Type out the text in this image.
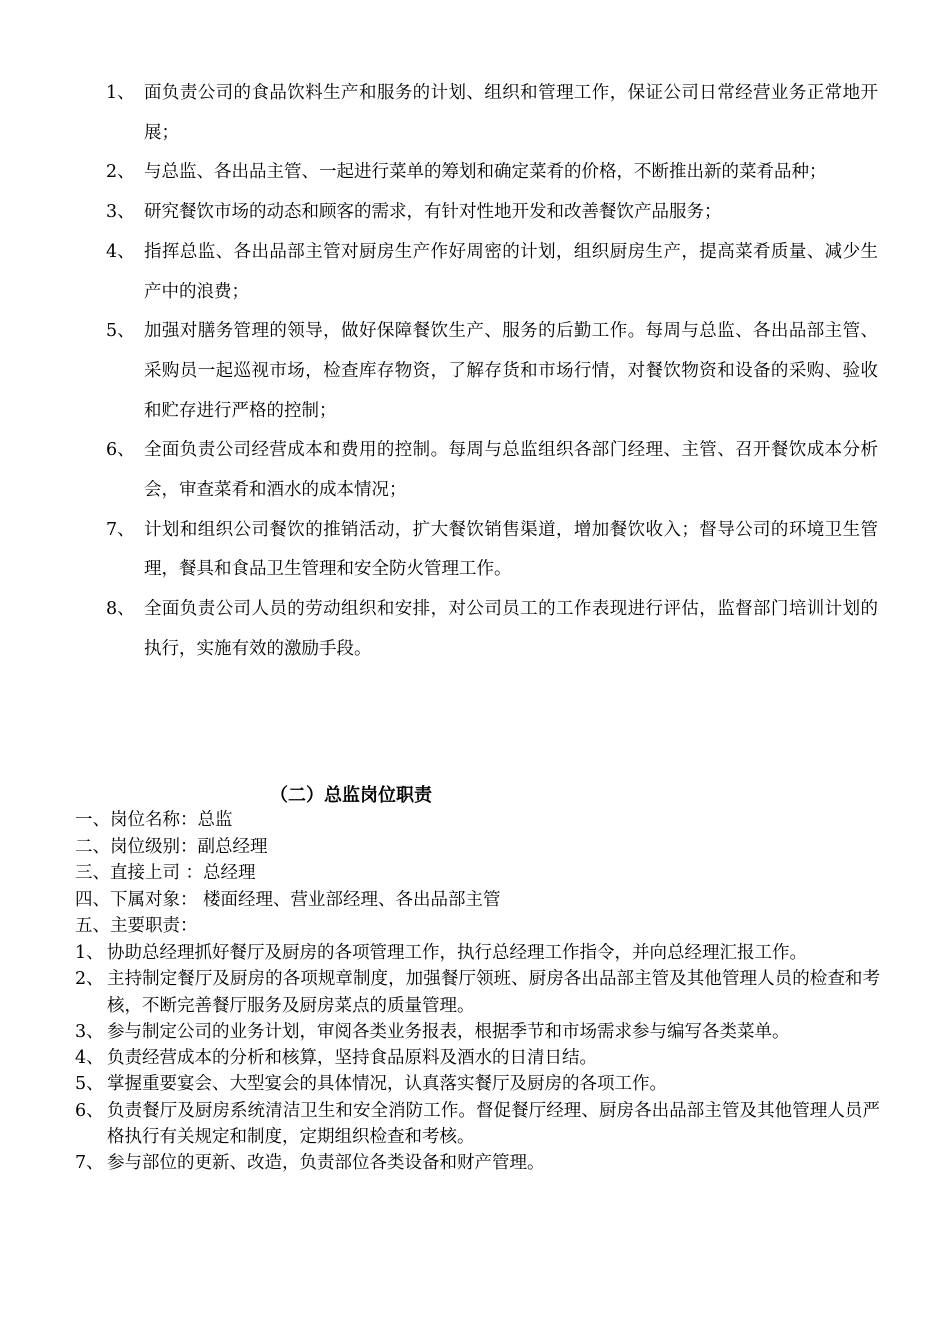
1、 面负责公司的食品饮料生产和服务的计划、组织和管理工作，保证公司日常经营业务正常地开展；
2、 与总监、各出品主管、一起进行菜单的筹划和确定菜肴的价格，不断推出新的菜肴品种；
3、 研究餐饮市场的动态和顾客的需求，有针对性地开发和改善餐饮产品服务；
4、 指挥总监、各出品部主管对厨房生产作好周密的计划，组织厨房生产，提高菜肴质量、减少生产中的浪费；
5、 加强对膳务管理的领导，做好保障餐饮生产、服务的后勤工作。每周与总监、各出品部主管、采购员一起巡视市场，检查库存物资，了解存货和市场行情，对餐饮物资和设备的采购、验收和贮存进行严格的控制；
6、 全面负责公司经营成本和费用的控制。每周与总监组织各部门经理、主管、召开餐饮成本分析会，审查菜肴和酒水的成本情况；
7、 计划和组织公司餐饮的推销活动，扩大餐饮销售渠道，增加餐饮收入；督导公司的环境卫生管理，餐具和食品卫生管理和安全防火管理工作。
8、 全面负责公司人员的劳动组织和安排，对公司员工的工作表现进行评估，监督部门培训计划的执行，实施有效的激励手段。
（二）总监岗位职责
一、岗位名称：总监
二、岗位级别：副总经理
三、直接上司 ：总经理
四、下属对象： 楼面经理、营业部经理、各出品部主管
五、主要职责：
1、 协助总经理抓好餐厅及厨房的各项管理工作，执行总经理工作指令，并向总经理汇报工作。
2、 主持制定餐厅及厨房的各项规章制度，加强餐厅领班、厨房各出品部主管及其他管理人员的检查和考核，不断完善餐厅服务及厨房菜点的质量管理。
3、 参与制定公司的业务计划，审阅各类业务报表，根据季节和市场需求参与编写各类菜单。
4、 负责经营成本的分析和核算，坚持食品原料及酒水的日清日结。
5、 掌握重要宴会、大型宴会的具体情况，认真落实餐厅及厨房的各项工作。
6、 负责餐厅及厨房系统清洁卫生和安全消防工作。督促餐厅经理、厨房各出品部主管及其他管理人员严格执行有关规定和制度，定期组织检查和考核。
7、 参与部位的更新、改造，负责部位各类设备和财产管理。
